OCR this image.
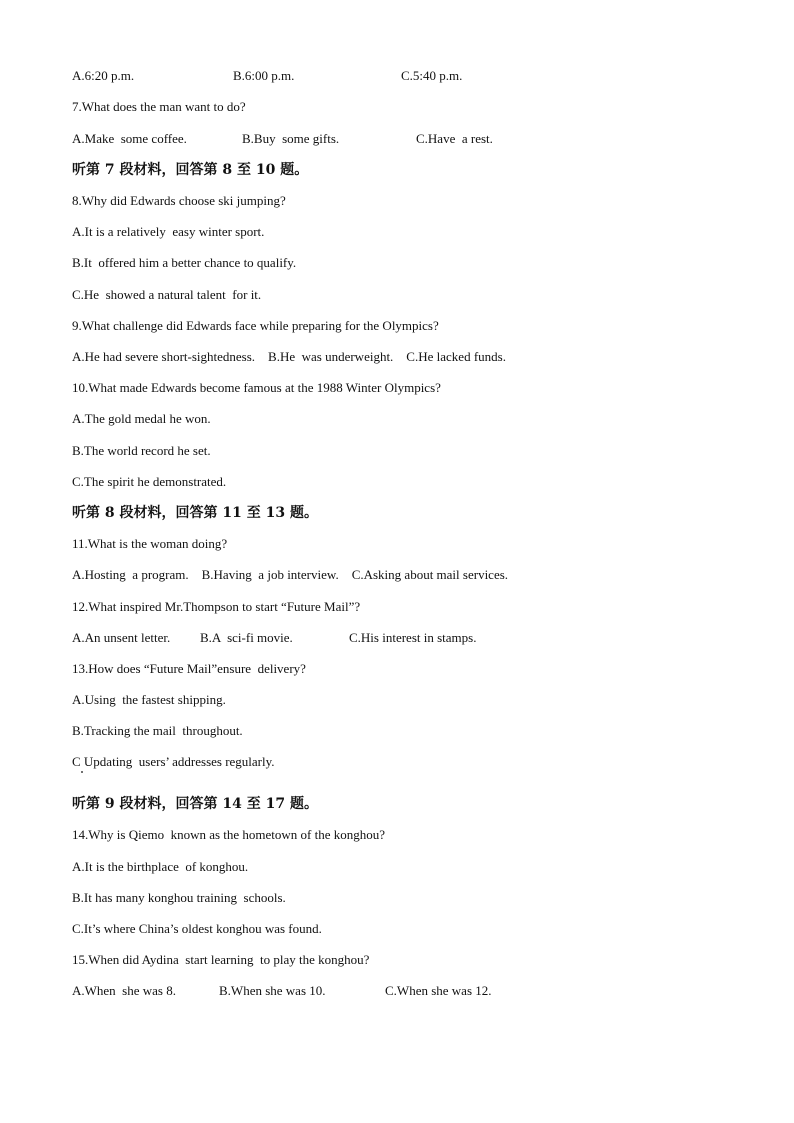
A.6:20 p.m.	B.6:00 p.m.	C.5:40 p.m.
7.What does the man want to do?
A.Make  some coffee.	B.Buy  some gifts.	C.Have  a rest.
听第 7 段材料，回答第 8 至 10 题。
8.Why did Edwards choose ski jumping?
A.It is a relatively  easy winter sport.
B.It  offered him a better chance to qualify.
C.He  showed a natural talent  for it.
9.What challenge did Edwards face while preparing for the Olympics?
A.He had severe short-sightedness.    B.He  was underweight.    C.He lacked funds.
10.What made Edwards become famous at the 1988 Winter Olympics?
A.The gold medal he won.
B.The world record he set.
C.The spirit he demonstrated.
听第 8 段材料，回答第 11 至 13 题。
11.What is the woman doing?
A.Hosting  a program.    B.Having  a job interview.    C.Asking about mail services.
12.What inspired Mr.Thompson to start “Future Mail”?
A.An unsent letter. B.A  sci-fi movie.	C.His interest in stamps.
13.How does “Future Mail”ensure  delivery?
A.Using  the fastest shipping.
B.Tracking the mail  throughout.
C Updating  users’ addresses regularly.
听第 9 段材料，回答第 14 至 17 题。
14.Why is Qiemo  known as the hometown of the konghou?
A.It is the birthplace  of konghou.
B.It has many konghou training  schools.
C.It’s where China’s oldest konghou was found.
15.When did Aydina  start learning  to play the konghou?
A.When  she was 8.	B.When she was 10.	C.When she was 12.
